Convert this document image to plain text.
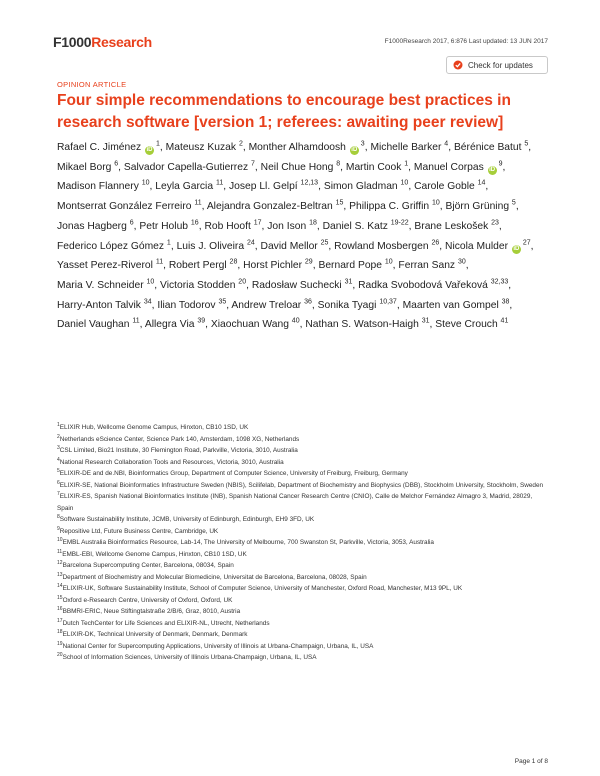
F1000Research	F1000Research 2017, 6:876 Last updated: 13 JUN 2017
Check for updates
OPINION ARTICLE
Four simple recommendations to encourage best practices in research software [version 1; referees: awaiting peer review]
Rafael C. Jiménez $iD^1$, Mateusz Kuzak $^2$, Monther Alhamdoosh $iD^3$, Michelle Barker $^4$, Bérénice Batut $^5$, Mikael Borg $^6$, Salvador Capella-Gutierrez $^7$, Neil Chue Hong $^8$, Martin Cook $^1$, Manuel Corpas $iD^9$, Madison Flannery $^{10}$, Leyla Garcia $^{11}$, Josep Ll. Gelpí $^{12,13}$, Simon Gladman $^{10}$, Carole Goble $^{14}$, Montserrat González Ferreiro $^{11}$, Alejandra Gonzalez-Beltran $^{15}$, Philippa C. Griffin $^{10}$, Björn Grüning $^5$, Jonas Hagberg $^6$, Petr Holub $^{16}$, Rob Hooft $^{17}$, Jon Ison $^{18}$, Daniel S. Katz $^{19-22}$, Brane Leskošek $^{23}$, Federico López Gómez $^1$, Luis J. Oliveira $^{24}$, David Mellor $^{25}$, Rowland Mosbergen $^{26}$, Nicola Mulder $iD^{27}$, Yasset Perez-Riverol $^{11}$, Robert Pergl $^{28}$, Horst Pichler $^{29}$, Bernard Pope $^{10}$, Ferran Sanz $^{30}$, Maria V. Schneider $^{10}$, Victoria Stodden $^{20}$, Radosław Suchecki $^{31}$, Radka Svobodová Vařeková $^{32,33}$, Harry-Anton Talvik $^{34}$, Ilian Todorov $^{35}$, Andrew Treloar $^{36}$, Sonika Tyagi $^{10,37}$, Maarten van Gompel $^{38}$, Daniel Vaughan $^{11}$, Allegra Via $^{39}$, Xiaochuan Wang $^{40}$, Nathan S. Watson-Haigh $^{31}$, Steve Crouch $^{41}$
$^1$ELIXIR Hub, Wellcome Genome Campus, Hinxton, CB10 1SD, UK
$^2$Netherlands eScience Center, Science Park 140, Amsterdam, 1098 XG, Netherlands
$^3$CSL Limited, Bio21 Institute, 30 Flemington Road, Parkville, Victoria, 3010, Australia
$^4$National Research Collaboration Tools and Resources, Victoria, 3010, Australia
$^5$ELIXIR-DE and de.NBI, Bioinformatics Group, Department of Computer Science, University of Freiburg, Freiburg, Germany
$^6$ELIXIR-SE, National Bioinformatics Infrastructure Sweden (NBIS), Scilifelab, Department of Biochemistry and Biophysics (DBB), Stockholm University, Stockholm, Sweden
$^7$ELIXIR-ES, Spanish National Bioinformatics Institute (INB), Spanish National Cancer Research Centre (CNIO), Calle de Melchor Fernández Almagro 3, Madrid, 28029, Spain
$^8$Software Sustainability Institute, JCMB, University of Edinburgh, Edinburgh, EH9 3FD, UK
$^9$Repositive Ltd, Future Business Centre, Cambridge, UK
$^{10}$EMBL Australia Bioinformatics Resource, Lab-14, The University of Melbourne, 700 Swanston St, Parkville, Victoria, 3053, Australia
$^{11}$EMBL-EBI, Wellcome Genome Campus, Hinxton, CB10 1SD, UK
$^{12}$Barcelona Supercomputing Center, Barcelona, 08034, Spain
$^{13}$Department of Biochemistry and Molecular Biomedicine, Universitat de Barcelona, Barcelona, 08028, Spain
$^{14}$ELIXIR-UK, Software Sustainability Institute, School of Computer Science, University of Manchester, Oxford Road, Manchester, M13 9PL, UK
$^{15}$Oxford e-Research Centre, University of Oxford, Oxford, UK
$^{16}$BBMRI-ERIC, Neue Stiftingtalstraße 2/B/6, Graz, 8010, Austria
$^{17}$Dutch TechCenter for Life Sciences and ELIXIR-NL, Utrecht, Netherlands
$^{18}$ELIXIR-DK, Technical University of Denmark, Denmark, Denmark
$^{19}$National Center for Supercomputing Applications, University of Illinois at Urbana-Champaign, Urbana, IL, USA
$^{20}$School of Information Sciences, University of Illinois Urbana-Champaign, Urbana, IL, USA
Page 1 of 8
